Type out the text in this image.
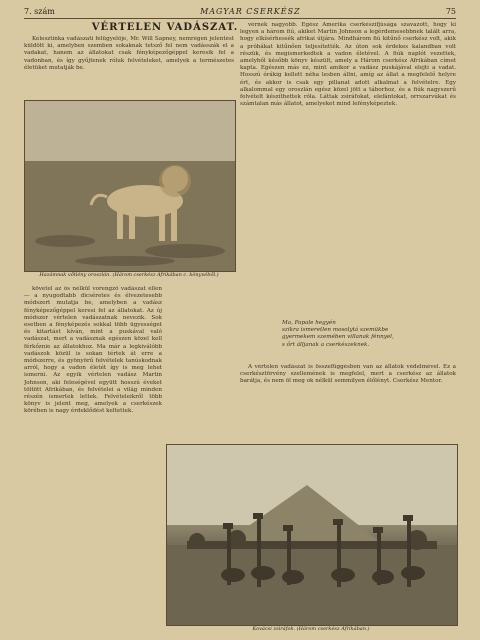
7. szám	MAGYAR CSERKÉSZ	75
VÉRTELEN VADÁSZAT.

Kelesztinka vadászati felügyelője, Mr. Will Sapney, nemrégen jelentést küldött ki, amelyben szemben sokaknak tetsző fel nem vadásszák el a vadakat, hanem az állatokat csak fényképezőgéppel keresik fel a vadonban, és így gyűjtenek róluk felvételeket, amelyek a természetes életüket mutatják be.

Hazámnak vőtlény oroszlán. (Három cserkész Afrikában c. könyvéből.)

követel az ős nélkül vorengző vadászat ellen — a nyugodtabb dicséretes és élvezetesebb módszert mutatja be, amelyben a vadász fényképezőgéppel keresi fel az állatokat. Az új módszer vértelen vadászatnak nevezik. Sok esetben a fényképezés sokkal több ügyességet és kitartást kíván, mint a puskával való vadászat, mert a vadásznak egészen közel kell férkőznie az állatokhoz. Ma már a legkiválóbb vadászok közül is sokan tértek át erre a módszerre, és gyönyörű felvételek tanúskodnak arról, hogy a vadon életét így is meg lehet ismerni. Az egyik vértelen vadász Martin Johnson, aki feleségével együtt hosszú éveket töltött Afrikában, és felvételei a világ minden részén ismertek lettek. Felvételeikről több könyv is jelent meg, amelyek a cserkészek körében is nagy érdeklődést keltettek.

vérnek nagyobb. Egész Amerika cserkészifjúsága szavazott, hogy ki legyen a három fiú, akiket Martin Johnson a legérdemesebbnek talált arra, hogy elkísérhessék afrikai útjára. Mindhárom fiú kitűnő cserkész volt, akik a próbákat kitűnően teljesítették. Az úton sok érdekes kalandban volt részük, és megismerkedtek a vadon életével. A fiúk naplót vezettek, amelyből később könyv készült, amely a Három cserkész Afrikában címet kapta. Egészen más ez, mint amikor a vadász puskájával elejti a vadat. Hosszú órákig kellett néha lesben állni, amíg az állat a megfelelő helyre ért, és akkor is csak egy pillanat adott alkalmat a felvételre. Egy alkalommal egy oroszlán egész közel jött a táborhoz, és a fiúk nagyszerű felvételt készíthettek róla. Láttak zsiráfokat, elefántokat, orrszarvúkat és számtalan más állatot, amelyeket mind lefényképeztek.

Ma, Papale hegyén
szikra ismeretlen mosolytá szemükbe
gyermekem szemében villanak fénnyel,
s őrt álljanak a cserkészeknek.

A vértelen vadászat is összefüggésben van az állatok védelmével. Ez a cserkésztörvény szellemének is megfelel, mert a cserkész az állatok barátja, és nem öl meg ok nélkül semmilyen élőlényt. Cserkész Mentor.

Kovácsi zsiráfok. (Három cserkész Afrikában.)
